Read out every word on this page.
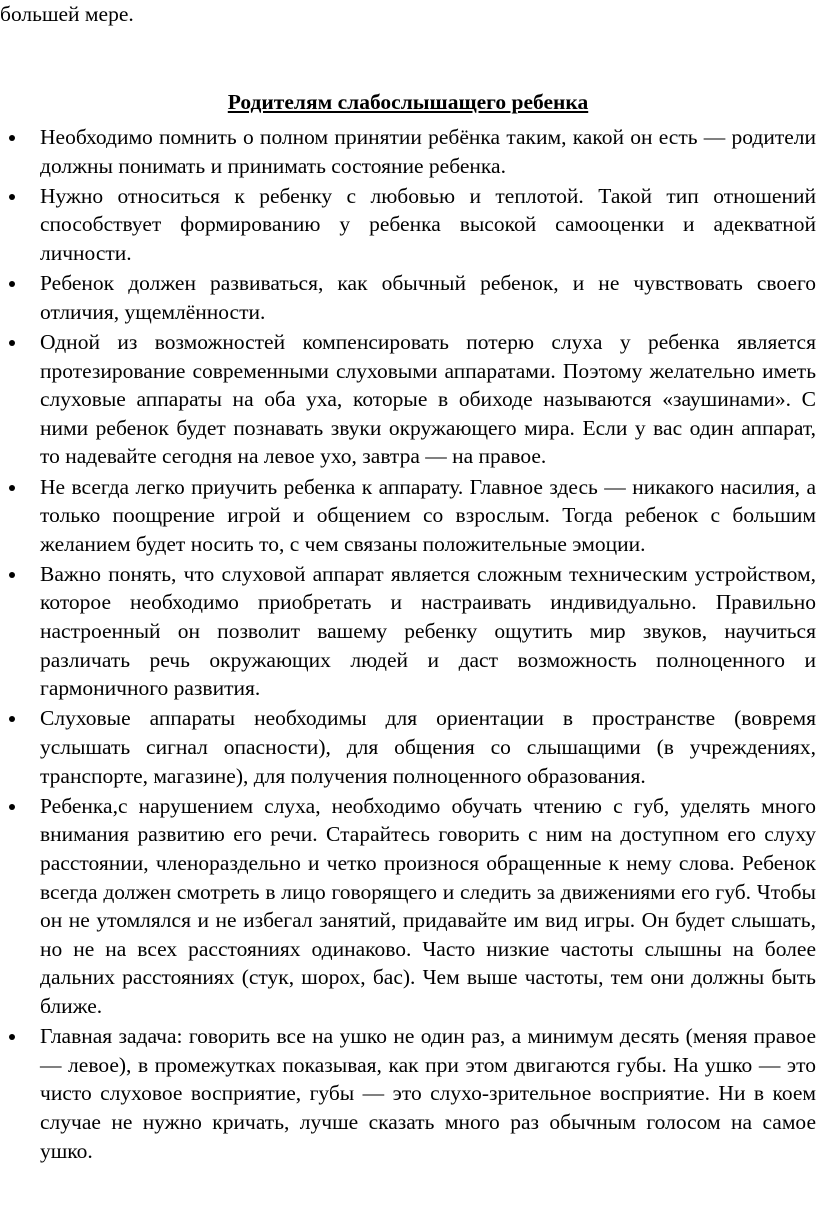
большей мере.

Родителям слабослышащего ребенка
Необходимо помнить о полном принятии ребёнка таким, какой он есть — родители должны понимать и принимать состояние ребенка.
Нужно относиться к ребенку с любовью и теплотой. Такой тип отношений способствует формированию у ребенка высокой самооценки и адекватной личности.
Ребенок должен развиваться, как обычный ребенок, и не чувствовать своего отличия, ущемлённости.
Одной из возможностей компенсировать потерю слуха у ребенка является протезирование современными слуховыми аппаратами. Поэтому желательно иметь слуховые аппараты на оба уха, которые в обиходе называются «заушинами». С ними ребенок будет познавать звуки окружающего мира. Если у вас один аппарат, то надевайте сегодня на левое ухо, завтра — на правое.
Не всегда легко приучить ребенка к аппарату. Главное здесь — никакого насилия, а только поощрение игрой и общением со взрослым. Тогда ребенок с большим желанием будет носить то, с чем связаны положительные эмоции.
Важно понять, что слуховой аппарат является сложным техническим устройством, которое необходимо приобретать и настраивать индивидуально. Правильно настроенный он позволит вашему ребенку ощутить мир звуков, научиться различать речь окружающих людей и даст возможность полноценного и гармоничного развития.
Слуховые аппараты необходимы для ориентации в пространстве (вовремя услышать сигнал опасности), для общения со слышащими (в учреждениях, транспорте, магазине), для получения полноценного образования.
Ребенка,с нарушением слуха, необходимо обучать чтению с губ, уделять много внимания развитию его речи. Старайтесь говорить с ним на доступном его слуху расстоянии, членораздельно и четко произнося обращенные к нему слова. Ребенок всегда должен смотреть в лицо говорящего и следить за движениями его губ. Чтобы он не утомлялся и не избегал занятий, придавайте им вид игры. Он будет слышать, но не на всех расстояниях одинаково. Часто низкие частоты слышны на более дальних расстояниях (стук, шорох, бас). Чем выше частоты, тем они должны быть ближе.
Главная задача: говорить все на ушко не один раз, а минимум десять (меняя правое — левое), в промежутках показывая, как при этом двигаются губы. На ушко — это чисто слуховое восприятие, губы — это слухо-зрительное восприятие. Ни в коем случае не нужно кричать, лучше сказать много раз обычным голосом на самое ушко.
